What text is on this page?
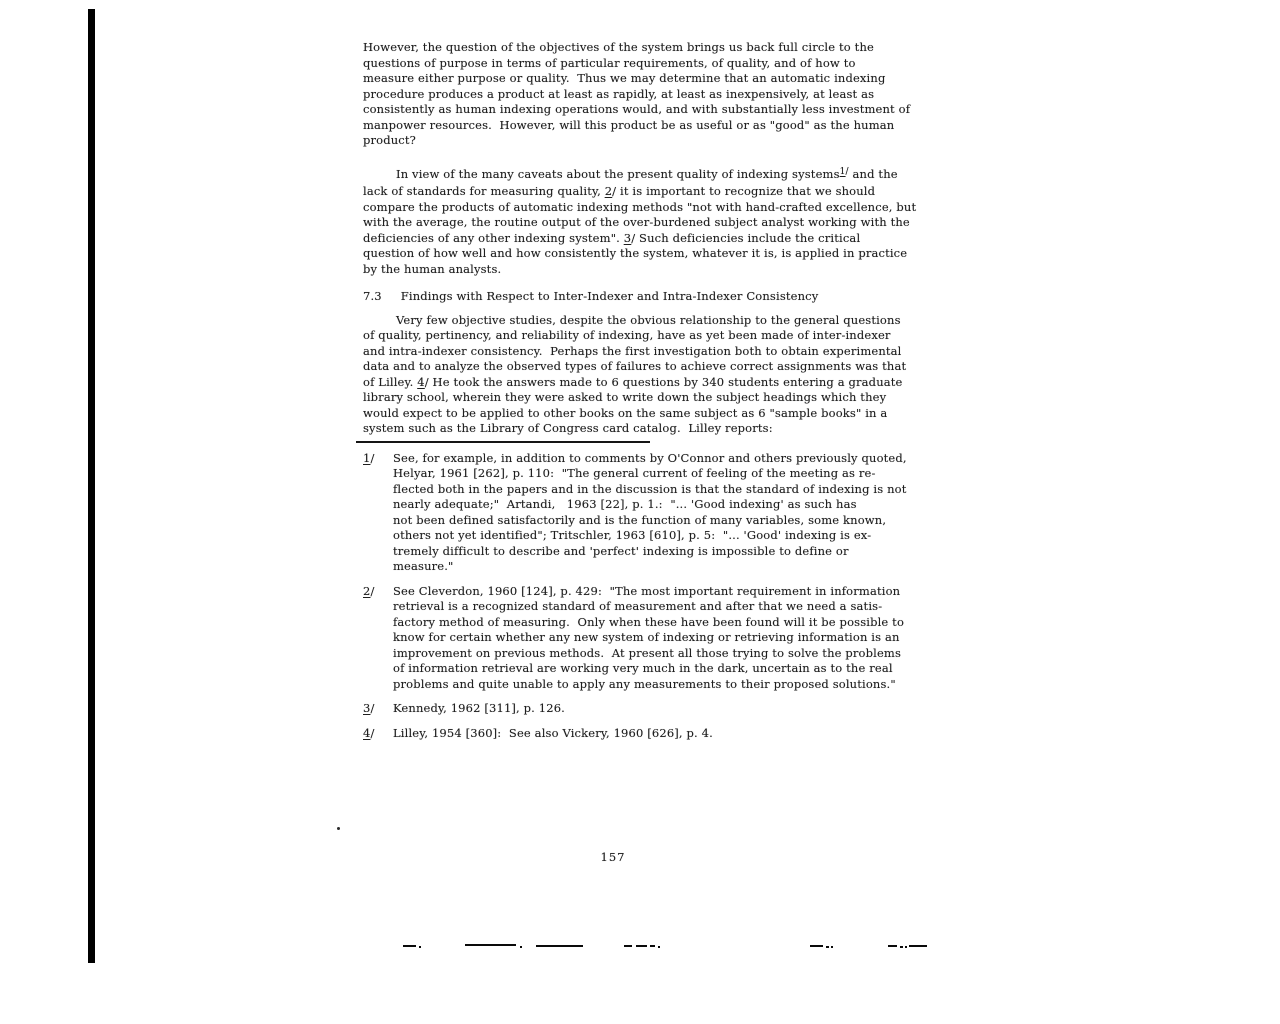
However, the question of the objectives of the system brings us back full circle to the
questions of purpose in terms of particular requirements, of quality, and of how to
measure either purpose or quality.  Thus we may determine that an automatic indexing
procedure produces a product at least as rapidly, at least as inexpensively, at least as
consistently as human indexing operations would, and with substantially less investment of
manpower resources.  However, will this product be as useful or as "good" as the human
product?
In view of the many caveats about the present quality of indexing systems$^{1/}$ and the
lack of standards for measuring quality, 2/ it is important to recognize that we should
compare the products of automatic indexing methods "not with hand-crafted excellence, but
with the average, the routine output of the over-burdened subject analyst working with the
deficiencies of any other indexing system". 3/ Such deficiencies include the critical
question of how well and how consistently the system, whatever it is, is applied in practice
by the human analysts.
7.3 Findings with Respect to Inter-Indexer and Intra-Indexer Consistency
Very few objective studies, despite the obvious relationship to the general questions
of quality, pertinency, and reliability of indexing, have as yet been made of inter-indexer
and intra-indexer consistency.  Perhaps the first investigation both to obtain experimental
data and to analyze the observed types of failures to achieve correct assignments was that
of Lilley. 4/ He took the answers made to 6 questions by 340 students entering a graduate
library school, wherein they were asked to write down the subject headings which they
would expect to be applied to other books on the same subject as 6 "sample books" in a
system such as the Library of Congress card catalog.  Lilley reports:
1/	See, for example, in addition to comments by O'Connor and others previously quoted,
Helyar, 1961 [262], p. 110:  "The general current of feeling of the meeting as re-
flected both in the papers and in the discussion is that the standard of indexing is not
nearly adequate;"  Artandi,   1963 [22], p. 1.:  "... 'Good indexing' as such has
not been defined satisfactorily and is the function of many variables, some known,
others not yet identified"; Tritschler, 1963 [610], p. 5:  "... 'Good' indexing is ex-
tremely difficult to describe and 'perfect' indexing is impossible to define or
measure."
2/	See Cleverdon, 1960 [124], p. 429:  "The most important requirement in information
retrieval is a recognized standard of measurement and after that we need a satis-
factory method of measuring.  Only when these have been found will it be possible to
know for certain whether any new system of indexing or retrieving information is an
improvement on previous methods.  At present all those trying to solve the problems
of information retrieval are working very much in the dark, uncertain as to the real
problems and quite unable to apply any measurements to their proposed solutions."
3/	Kennedy, 1962 [311], p. 126.
4/	Lilley, 1954 [360]:  See also Vickery, 1960 [626], p. 4.
157
